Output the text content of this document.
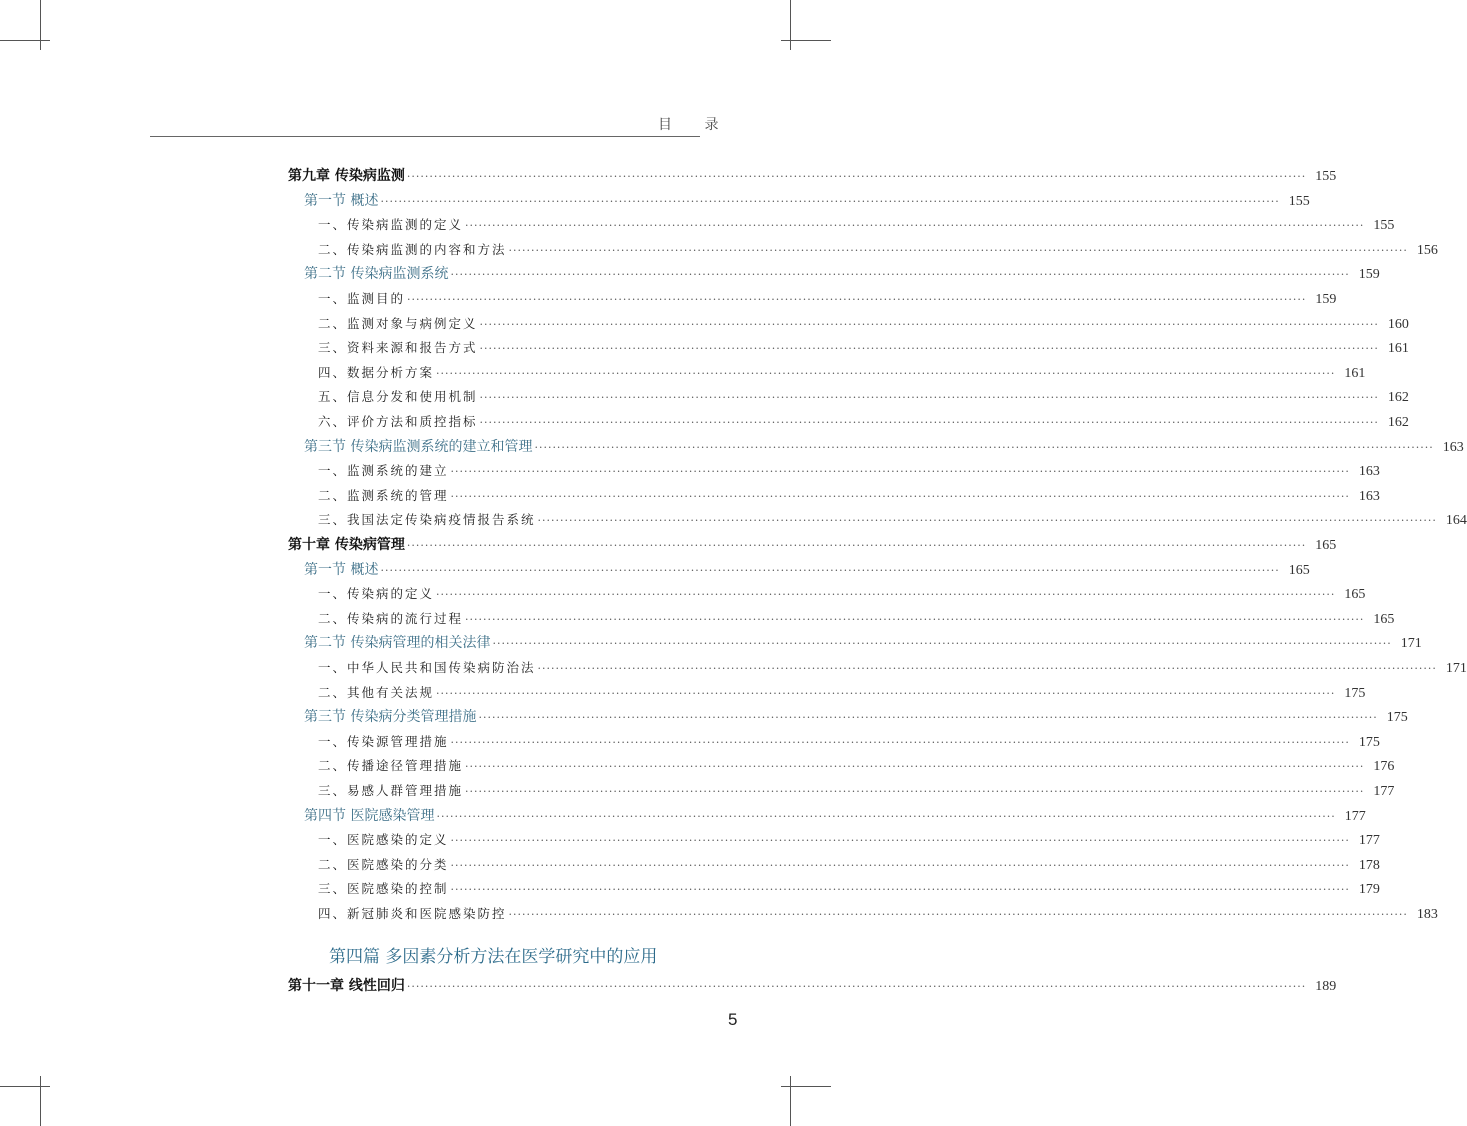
目 录
第九章 传染病监测 ········································································································································································································ 155
第一节 概述 ········································································································································································································ 155
一、传染病监测的定义 ········································································································································································································ 155
二、传染病监测的内容和方法 ········································································································································································································ 156
第二节 传染病监测系统 ········································································································································································································ 159
一、监测目的 ········································································································································································································ 159
二、监测对象与病例定义 ········································································································································································································ 160
三、资料来源和报告方式 ········································································································································································································ 161
四、数据分析方案 ········································································································································································································ 161
五、信息分发和使用机制 ········································································································································································································ 162
六、评价方法和质控指标 ········································································································································································································ 162
第三节 传染病监测系统的建立和管理 ········································································································································································································ 163
一、监测系统的建立 ········································································································································································································ 163
二、监测系统的管理 ········································································································································································································ 163
三、我国法定传染病疫情报告系统 ········································································································································································································ 164
第十章 传染病管理 ········································································································································································································ 165
第一节 概述 ········································································································································································································ 165
一、传染病的定义 ········································································································································································································ 165
二、传染病的流行过程 ········································································································································································································ 165
第二节 传染病管理的相关法律 ········································································································································································································ 171
一、中华人民共和国传染病防治法 ········································································································································································································ 171
二、其他有关法规 ········································································································································································································ 175
第三节 传染病分类管理措施 ········································································································································································································ 175
一、传染源管理措施 ········································································································································································································ 175
二、传播途径管理措施 ········································································································································································································ 176
三、易感人群管理措施 ········································································································································································································ 177
第四节 医院感染管理 ········································································································································································································ 177
一、医院感染的定义 ········································································································································································································ 177
二、医院感染的分类 ········································································································································································································ 178
三、医院感染的控制 ········································································································································································································ 179
四、新冠肺炎和医院感染防控 ········································································································································································································ 183
第四篇 多因素分析方法在医学研究中的应用
第十一章 线性回归 ········································································································································································································ 189
5
